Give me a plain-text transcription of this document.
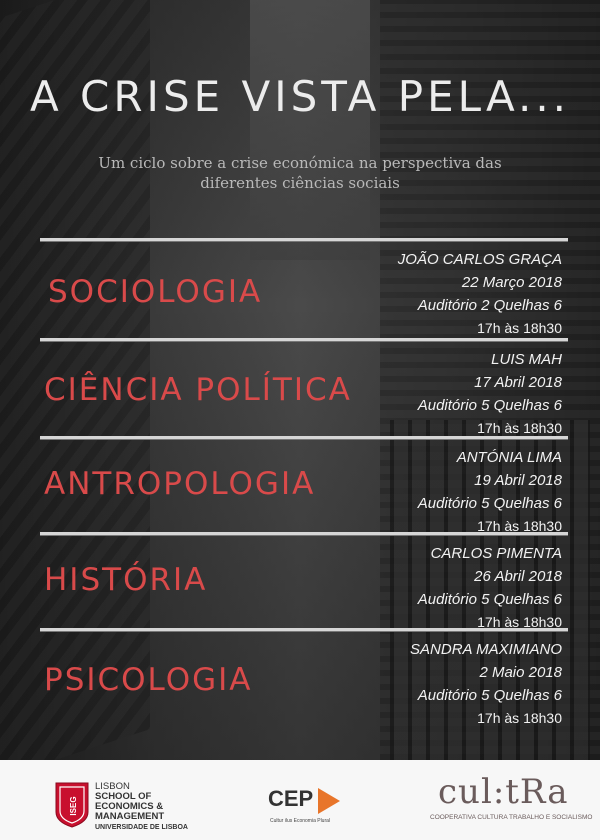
A CRISE VISTA PELA...
Um ciclo sobre a crise económica na perspectiva das diferentes ciências sociais
SOCIOLOGIA
JOÃO CARLOS GRAÇA
22 Março 2018
Auditório 2 Quelhas 6
17h às 18h30
CIÊNCIA POLÍTICA
LUIS MAH
17 Abril 2018
Auditório 5 Quelhas 6
17h às 18h30
ANTROPOLOGIA
ANTÓNIA LIMA
19 Abril 2018
Auditório 5 Quelhas 6
17h às 18h30
HISTÓRIA
CARLOS PIMENTA
26 Abril 2018
Auditório 5 Quelhas 6
17h às 18h30
PSICOLOGIA
SANDRA MAXIMIANO
2 Maio 2018
Auditório 5 Quelhas 6
17h às 18h30
ISEG
LISBON
SCHOOL OF
ECONOMICS &
MANAGEMENT
UNIVERSIDADE DE LISBOA
CEP
Cultur ilus Economia Plural
cul:tRa
COOPERATIVA CULTURA TRABALHO E SOCIALISMO
